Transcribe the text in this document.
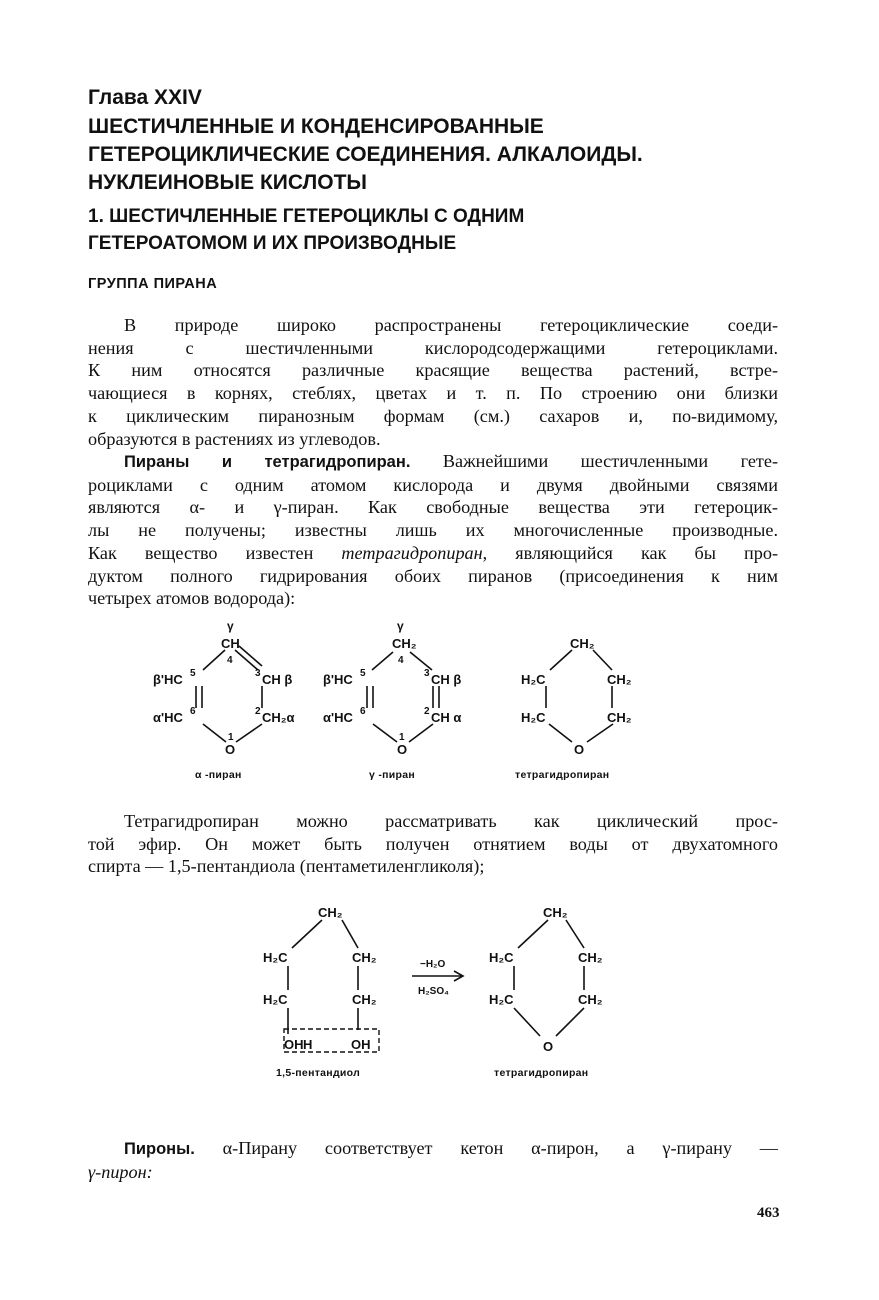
Глава XXIV
ШЕСТИЧЛЕННЫЕ И КОНДЕНСИРОВАННЫЕ
ГЕТЕРОЦИКЛИЧЕСКИЕ СОЕДИНЕНИЯ. АЛКАЛОИДЫ.
НУКЛЕИНОВЫЕ КИСЛОТЫ
1. ШЕСТИЧЛЕННЫЕ ГЕТЕРОЦИКЛЫ С ОДНИМ
ГЕТЕРОАТОМОМ И ИХ ПРОИЗВОДНЫЕ
ГРУППА ПИРАНА
В природе широко распространены гетероциклические соеди-
нения с шестичленными кислородсодержащими гетероциклами.
К ним относятся различные красящие вещества растений, встре-
чающиеся в корнях, стеблях, цветах и т. п. По строению они близки
к циклическим пиранозным формам (см.) сахаров и, по-видимому,
образуются в растениях из углеводов.
Пираны и тетрагидропиран. Важнейшими шестичленными гете-
роциклами с одним атомом кислорода и двумя двойными связями
являются α- и γ-пиран. Как свободные вещества эти гетероцик-
лы не получены; известны лишь их многочисленные производные.
Как вещество известен тетрагидропиран, являющийся как бы про-
дуктом полного гидрирования обоих пиранов (присоединения к ним
четырех атомов водорода):
γ
CH
4
β'HC 5	3 CH β
α'HC 6	2 CH₂α
1
O
α -пиран
γ
CH₂
4
β'HC 5	3 CH β
α'HC 6	2 CH α
1
O
γ -пиран
CH₂
H₂C	CH₂
H₂C	CH₂
O
тетрагидропиран
CH₂
H₂C	CH₂
H₂C	CH₂
OH H	OH
1,5-пентандиол
−H₂O
H₂SO₄
CH₂
H₂C	CH₂
H₂C	CH₂
O
тетрагидропиран
Тетрагидропиран можно рассматривать как циклический прос-
той эфир. Он может быть получен отнятием воды от двухатомного
спирта — 1,5-пентандиола (пентаметиленгликоля);
Пироны. α-Пирану соответствует кетон α-пирон, а γ-пирану —
γ-пирон:
463
